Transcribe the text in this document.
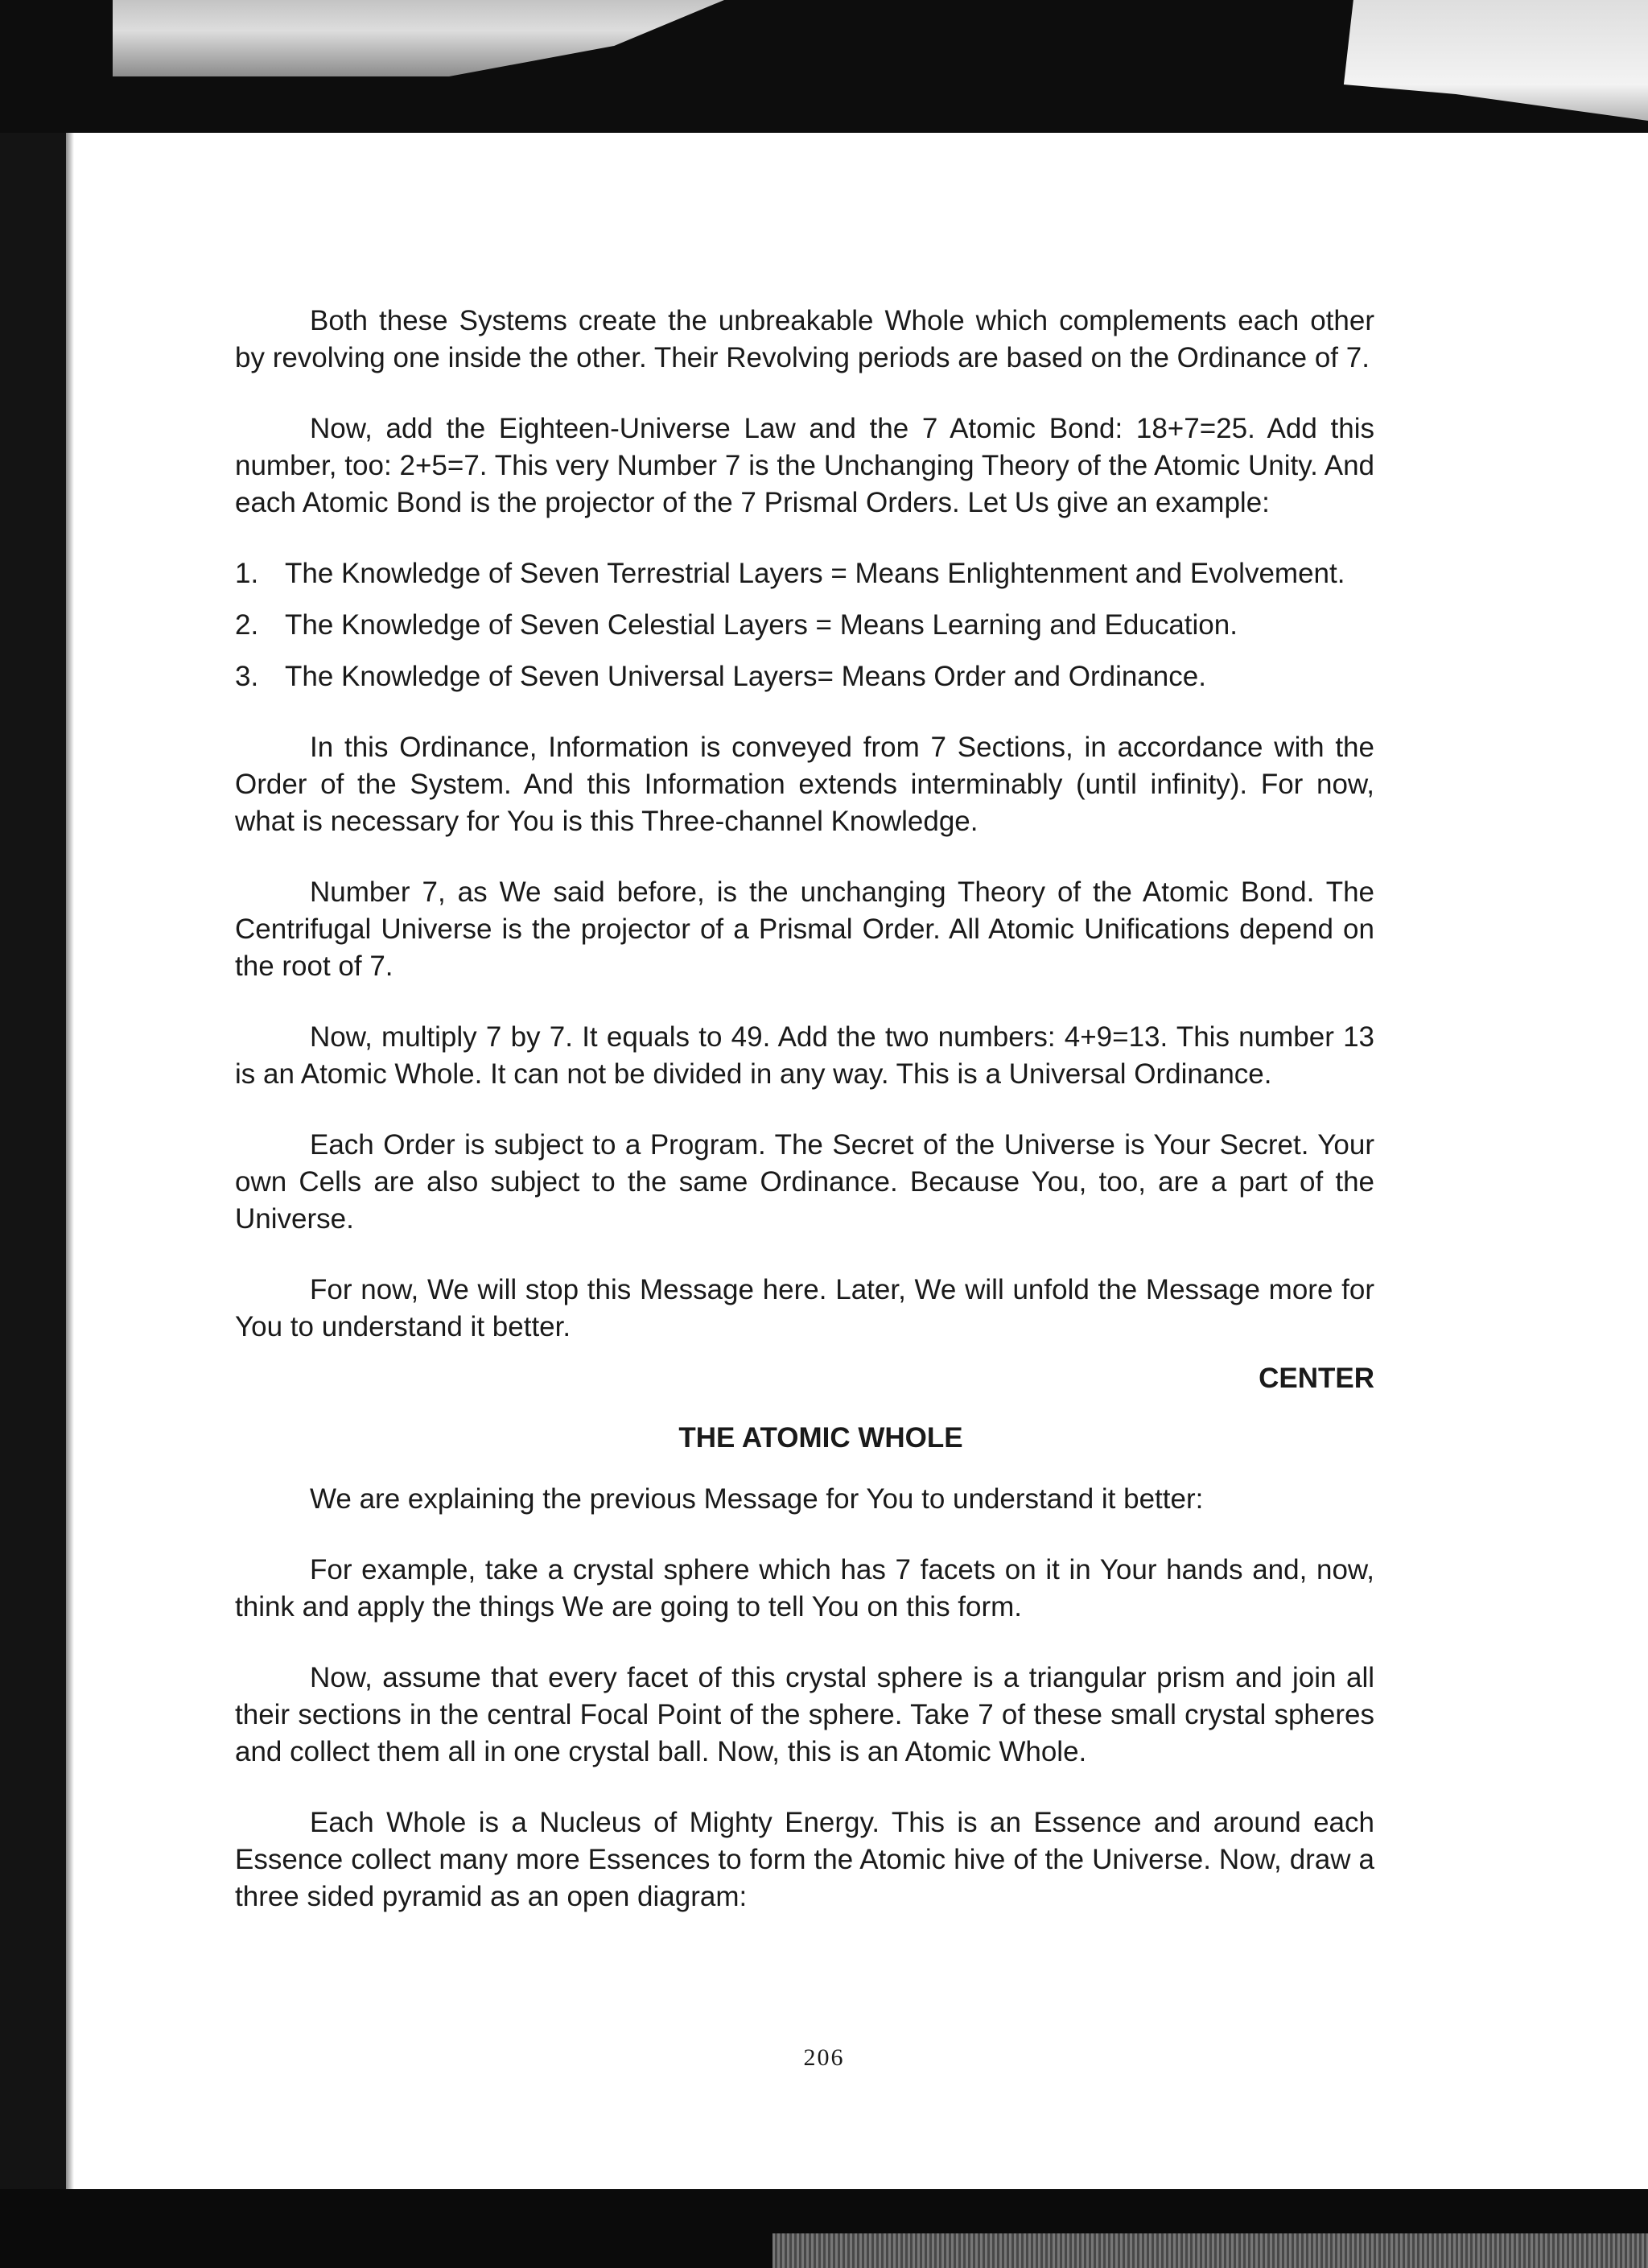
Both these Systems create the unbreakable Whole which complements each other by revolving one inside the other. Their Revolving periods are based on the Ordinance of 7.

Now, add the Eighteen-Universe Law and the 7 Atomic Bond: 18+7=25. Add this number, too: 2+5=7. This very Number 7 is the Unchanging Theory of the Atomic Unity. And each Atomic Bond is the projector of the 7 Prismal Orders. Let Us give an example:

1. The Knowledge of Seven Terrestrial Layers = Means Enlightenment and Evolvement.
2. The Knowledge of Seven Celestial Layers = Means Learning and Education.
3. The Knowledge of Seven Universal Layers= Means Order and Ordinance.

In this Ordinance, Information is conveyed from 7 Sections, in accordance with the Order of the System. And this Information extends interminably (until infinity). For now, what is necessary for You is this Three-channel Knowledge.

Number 7, as We said before, is the unchanging Theory of the Atomic Bond. The Centrifugal Universe is the projector of a Prismal Order. All Atomic Unifications depend on the root of 7.

Now, multiply 7 by 7. It equals to 49. Add the two numbers: 4+9=13. This number 13 is an Atomic Whole. It can not be divided in any way. This is a Universal Ordinance.

Each Order is subject to a Program. The Secret of the Universe is Your Secret. Your own Cells are also subject to the same Ordinance. Because You, too, are a part of the Universe.

For now, We will stop this Message here. Later, We will unfold the Message more for You to understand it better.

CENTER
THE ATOMIC WHOLE

We are explaining the previous Message for You to understand it better:

For example, take a crystal sphere which has 7 facets on it in Your hands and, now, think and apply the things We are going to tell You on this form.

Now, assume that every facet of this crystal sphere is a triangular prism and join all their sections in the central Focal Point of the sphere. Take 7 of these small crystal spheres and collect them all in one crystal ball. Now, this is an Atomic Whole.

Each Whole is a Nucleus of Mighty Energy. This is an Essence and around each Essence collect many more Essences to form the Atomic hive of the Universe. Now, draw a three sided pyramid as an open diagram:

206
